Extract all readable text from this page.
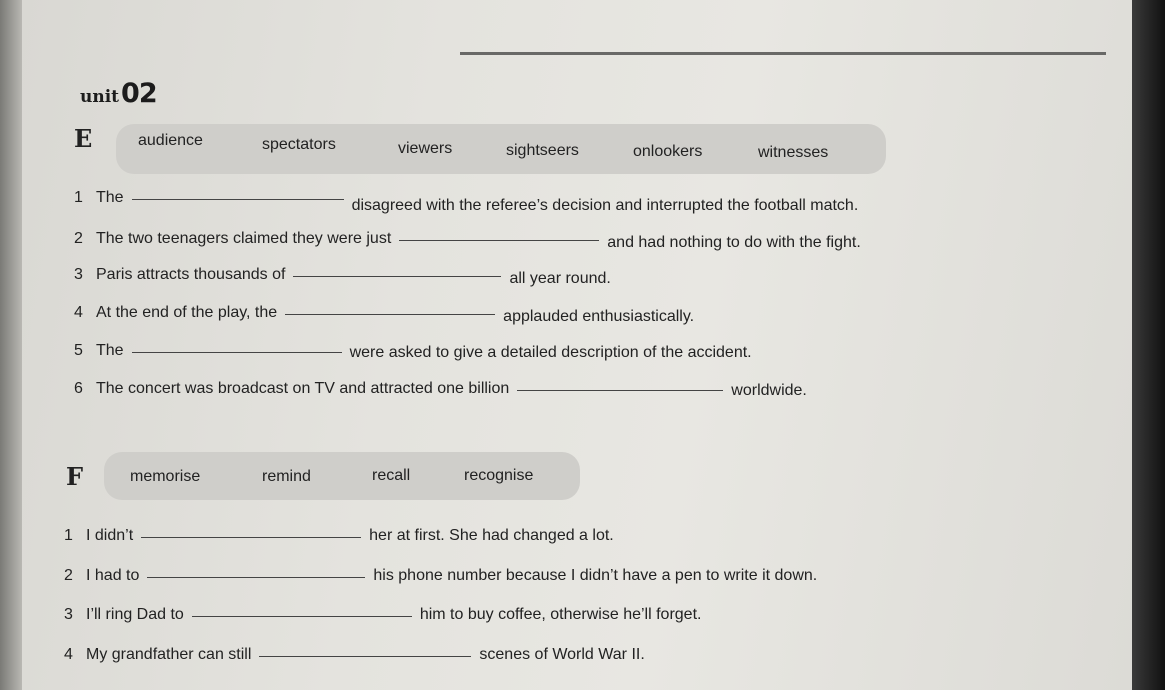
unit 02
E	audience	spectators	viewers	sightseers	onlookers	witnesses
1 The	disagreed with the referee’s decision and interrupted the football match.
2 The two teenagers claimed they were just	and had nothing to do with the fight.
3 Paris attracts thousands of	all year round.
4 At the end of the play, the	applauded enthusiastically.
5 The	were asked to give a detailed description of the accident.
6 The concert was broadcast on TV and attracted one billion	worldwide.
F	memorise	remind	recall	recognise
1 I didn’t	her at first. She had changed a lot.
2 I had to	his phone number because I didn’t have a pen to write it down.
3 I’ll ring Dad to	him to buy coffee, otherwise he’ll forget.
4 My grandfather can still	scenes of World War II.
